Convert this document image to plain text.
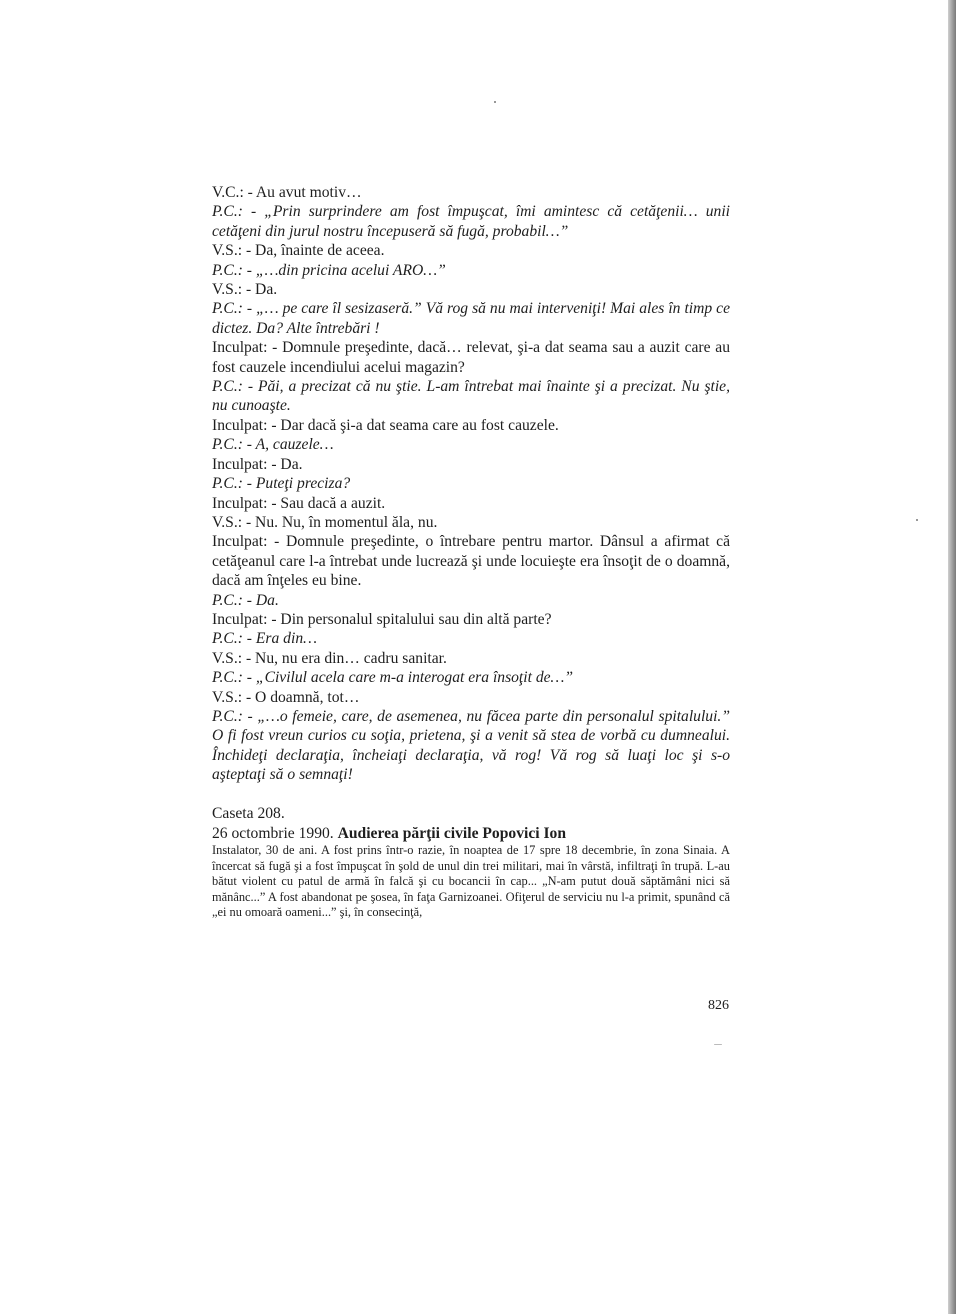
V.C.: - Au avut motiv…

P.C.: - „Prin surprindere am fost împuşcat, îmi amintesc că cetăţenii… unii cetăţeni din jurul nostru începuseră să fugă, probabil…”

V.S.: - Da, înainte de aceea.

P.C.: - „…din pricina acelui ARO…”

V.S.: - Da.

P.C.: - „… pe care îl sesizaseră.” Vă rog să nu mai interveniţi! Mai ales în timp ce dictez. Da? Alte întrebări !

Inculpat: - Domnule preşedinte, dacă… relevat, şi-a dat seama sau a auzit care au fost cauzele incendiului acelui magazin?

P.C.: - Păi, a precizat că nu ştie. L-am întrebat mai înainte şi a precizat. Nu ştie, nu cunoaşte.

Inculpat: - Dar dacă şi-a dat seama care au fost cauzele.

P.C.: - A, cauzele…

Inculpat: - Da.

P.C.: - Puteţi preciza?

Inculpat: - Sau dacă a auzit.

V.S.: - Nu. Nu, în momentul ăla, nu.

Inculpat: - Domnule preşedinte, o întrebare pentru martor. Dânsul a afirmat că cetăţeanul care l-a întrebat unde lucrează şi unde locuieşte era însoţit de o doamnă, dacă am înţeles eu bine.

P.C.: - Da.

Inculpat: - Din personalul spitalului sau din altă parte?

P.C.: - Era din…

V.S.: - Nu, nu era din… cadru sanitar.

P.C.: - „Civilul acela care m-a interogat era însoţit de…”

V.S.: - O doamnă, tot…

P.C.: - „…o femeie, care, de asemenea, nu făcea parte din personalul spitalului.” O fi fost vreun curios cu soţia, prietena, şi a venit să stea de vorbă cu dumnealui. Închideţi declaraţia, încheiaţi declaraţia, vă rog! Vă rog să luaţi loc şi s-o aşteptaţi să o semnaţi!

Caseta 208.

26 octombrie 1990. Audierea părţii civile Popovici Ion

Instalator, 30 de ani. A fost prins într-o razie, în noaptea de 17 spre 18 decembrie, în zona Sinaia. A încercat să fugă şi a fost împuşcat în şold de unul din trei militari, mai în vârstă, infiltraţi în trupă. L-au bătut violent cu patul de armă în falcă şi cu bocancii în cap... „N-am putut două săptămâni nici să mănânc...” A fost abandonat pe şosea, în faţa Garnizoanei. Ofiţerul de serviciu nu l-a primit, spunând că „ei nu omoară oameni...” şi, în consecinţă,

826
